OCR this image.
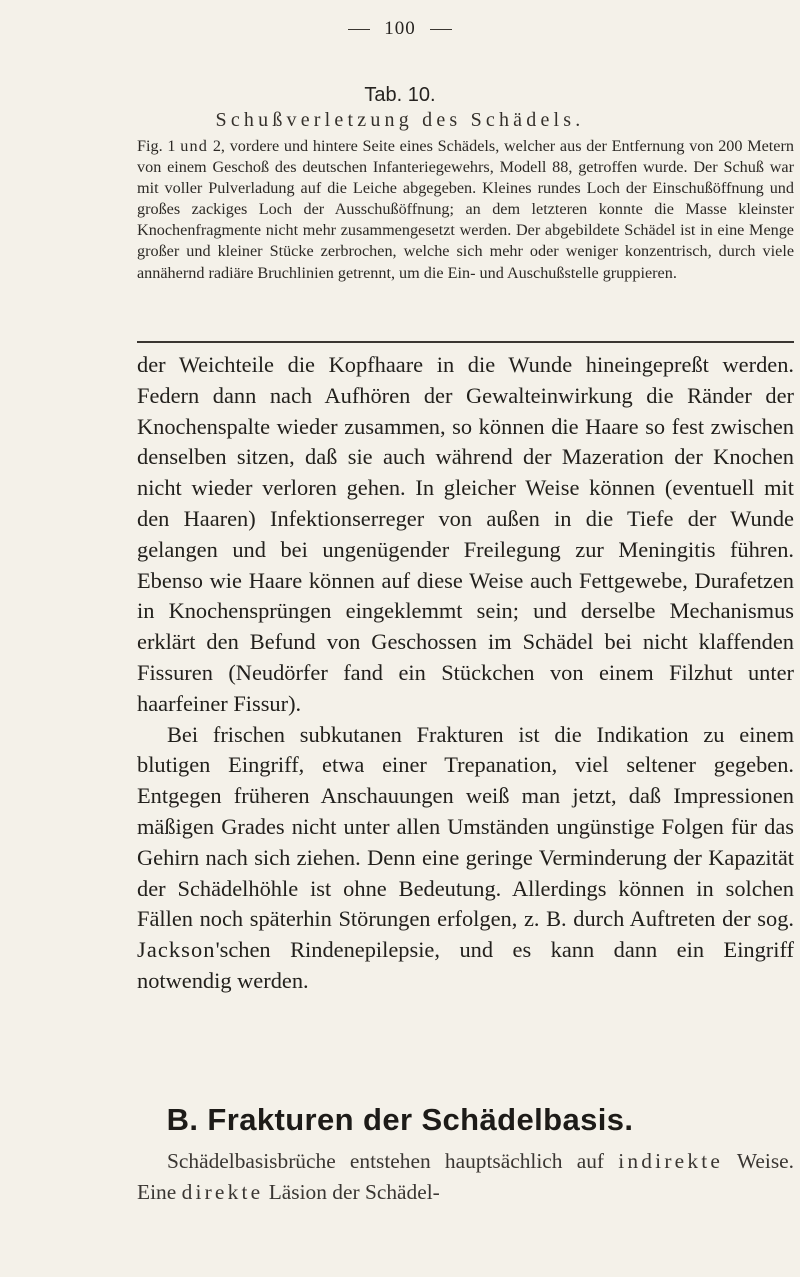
100
Tab. 10.
Schußverletzung des Schädels.
Fig. 1 und 2, vordere und hintere Seite eines Schädels, welcher aus der Entfernung von 200 Metern von einem Geschoß des deutschen Infanteriegewehrs, Modell 88, getroffen wurde. Der Schuß war mit voller Pulverladung auf die Leiche abgegeben. Kleines rundes Loch der Einschußöffnung und großes zackiges Loch der Ausschußöffnung; an dem letzteren konnte die Masse kleinster Knochenfragmente nicht mehr zusammengesetzt werden. Der abgebildete Schädel ist in eine Menge großer und kleiner Stücke zerbrochen, welche sich mehr oder weniger konzentrisch, durch viele annähernd radiäre Bruchlinien getrennt, um die Ein- und Auschußstelle gruppieren.

der Weichteile die Kopfhaare in die Wunde hineingepreßt werden. Federn dann nach Aufhören der Gewalteinwirkung die Ränder der Knochenspalte wieder zusammen, so können die Haare so fest zwischen denselben sitzen, daß sie auch während der Mazeration der Knochen nicht wieder verloren gehen. In gleicher Weise können (eventuell mit den Haaren) Infektionserreger von außen in die Tiefe der Wunde gelangen und bei ungenügender Freilegung zur Meningitis führen. Ebenso wie Haare können auf diese Weise auch Fettgewebe, Durafetzen in Knochensprüngen eingeklemmt sein; und derselbe Mechanismus erklärt den Befund von Geschossen im Schädel bei nicht klaffenden Fissuren (Neudörfer fand ein Stückchen von einem Filzhut unter haarfeiner Fissur).

Bei frischen subkutanen Frakturen ist die Indikation zu einem blutigen Eingriff, etwa einer Trepanation, viel seltener gegeben. Entgegen früheren Anschauungen weiß man jetzt, daß Impressionen mäßigen Grades nicht unter allen Umständen ungünstige Folgen für das Gehirn nach sich ziehen. Denn eine geringe Verminderung der Kapazität der Schädelhöhle ist ohne Bedeutung. Allerdings können in solchen Fällen noch späterhin Störungen erfolgen, z. B. durch Auftreten der sog. Jackson'schen Rindenepilepsie, und es kann dann ein Eingriff notwendig werden.

B. Frakturen der Schädelbasis.
Schädelbasisbrüche entstehen hauptsächlich auf indirekte Weise. Eine direkte Läsion der Schädel-
